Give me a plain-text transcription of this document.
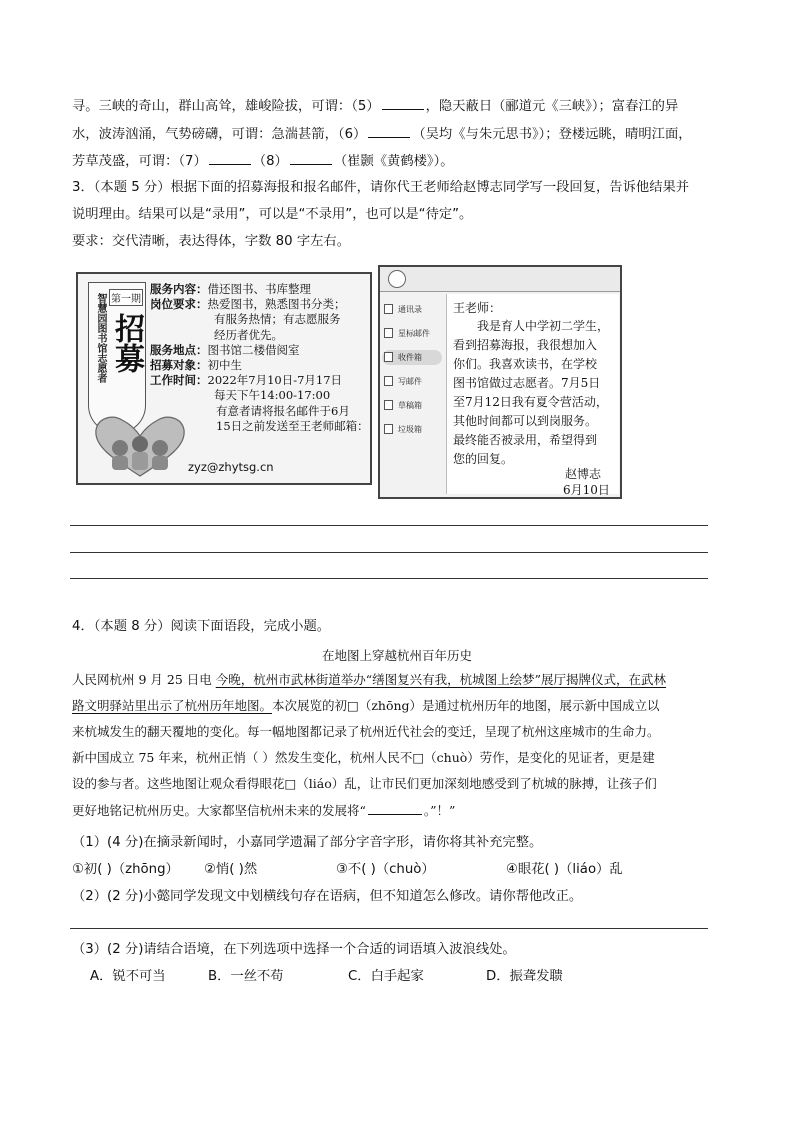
寻。三峡的奇山，群山高耸，雄峻险拔，可谓：（5）	，隐天蔽日（郦道元《三峡》）；富春江的异
水，波涛汹涌，气势磅礴，可谓：急湍甚箭，（6）	（吴均《与朱元思书》）；登楼远眺，晴明江面，
芳草茂盛，可谓：（7）	（8）	（崔颢《黄鹤楼》）。
3．（本题 5 分）根据下面的招募海报和报名邮件，请你代王老师给赵博志同学写一段回复，告诉他结果并
说明理由。结果可以是“录用”，可以是“不录用”，也可以是“待定”。
要求：交代清晰，表达得体，字数 80 字左右。
智慧园图书馆志愿者 第一期
招募
服务内容：借还图书、书库整理
岗位要求：热爱图书，熟悉图书分类；
有服务热情；有志愿服务
经历者优先。
服务地点：图书馆二楼借阅室
招募对象：初中生
工作时间：2022年7月10日-7月17日
每天下午14:00-17:00
有意者请将报名邮件于6月
15日之前发送至王老师邮箱：
zyz@zhytsg.cn
通讯录
星标邮件
收件箱
写邮件
草稿箱
垃圾箱
王老师：
我是育人中学初二学生，
看到招募海报，我很想加入
你们。我喜欢读书，在学校
图书馆做过志愿者。7月5日
至7月12日我有夏令营活动，
其他时间都可以到岗服务。
最终能否被录用，希望得到
您的回复。
赵博志
6月10日
4．（本题 8 分）阅读下面语段，完成小题。
在地图上穿越杭州百年历史
人民网杭州 9 月 25 日电 今晚，杭州市武林街道举办“缮图复兴有我，杭城图上绘梦”展厅揭牌仪式，在武林
路文明驿站里出示了杭州历年地图。本次展览的初□（zhōng）是通过杭州历年的地图，展示新中国成立以
来杭城发生的翻天覆地的变化。每一幅地图都记录了杭州近代社会的变迁，呈现了杭州这座城市的生命力。
新中国成立 75 年来，杭州正悄（ ）然发生变化，杭州人民不□（chuò）劳作，是变化的见证者，更是建
设的参与者。这些地图让观众看得眼花□（liáo）乱，让市民们更加深刻地感受到了杭城的脉搏，让孩子们
更好地铭记杭州历史。大家都坚信杭州未来的发展将“	。”！”
（1）(4 分)在摘录新闻时，小嘉同学遗漏了部分字音字形，请你将其补充完整。
①初( )（zhōng） ②悄( )然	③不( )（chuò）	④眼花( )（liáo）乱
（2）(2 分)小懿同学发现文中划横线句存在语病，但不知道怎么修改。请你帮他改正。
（3）(2 分)请结合语境，在下列选项中选择一个合适的词语填入波浪线处。
A．锐不可当	B．一丝不苟	C．白手起家	D．振聋发聩
